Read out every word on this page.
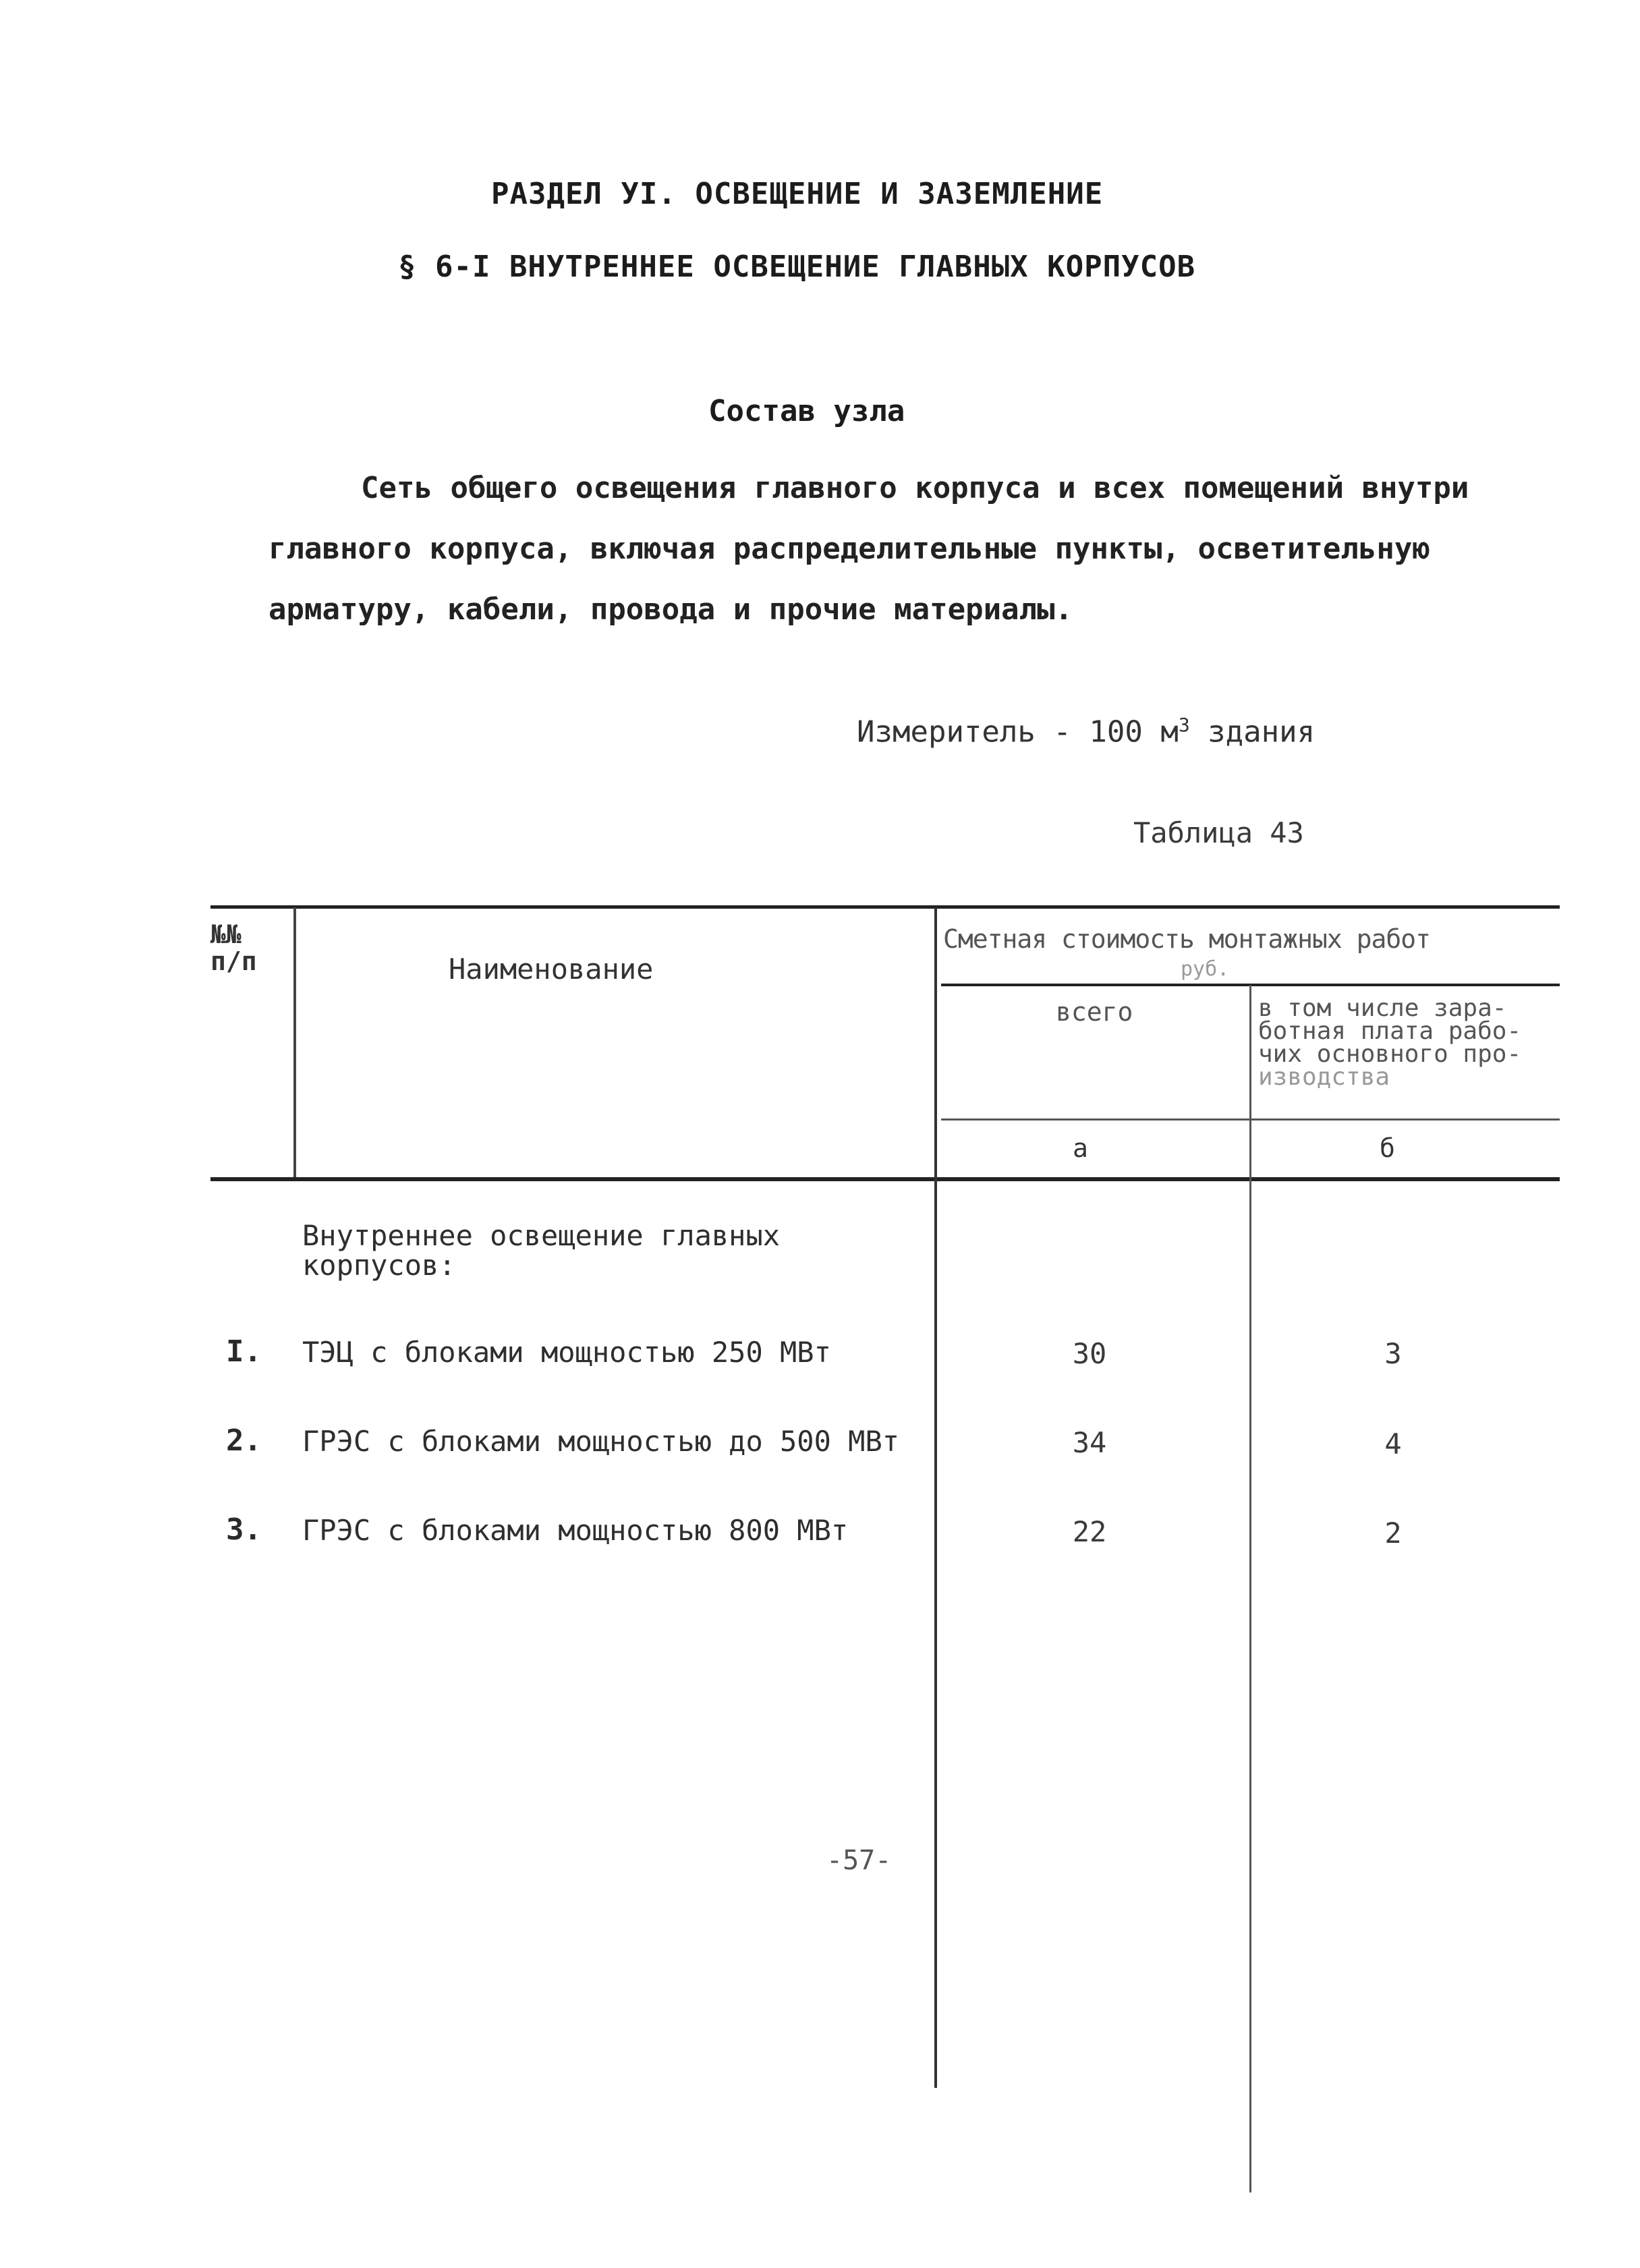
РАЗДЕЛ УI. ОСВЕЩЕНИЕ И ЗАЗЕМЛЕНИЕ
§ 6-I ВНУТРЕННЕЕ ОСВЕЩЕНИЕ ГЛАВНЫХ КОРПУСОВ
Состав узла
Сеть общего освещения главного корпуса и всех помещений внутри
главного корпуса, включая распределительные пункты, осветительную
арматуру, кабели, провода и прочие материалы.
Измеритель - 100 $м^3$ здания
Таблица 43
№№
п/п	Наименование
Сметная стоимость монтажных работ
руб.
всего	в том числе зара-
ботная плата рабо-
чих основного про-
изводства
а	б
Внутреннее освещение главных
корпусов:
I. ТЭЦ с блоками мощностью 250 МВт	30	3
2. ГРЭС с блоками мощностью до 500 МВт	34	4
3. ГРЭС с блоками мощностью 800 МВт	22	2
-57-
